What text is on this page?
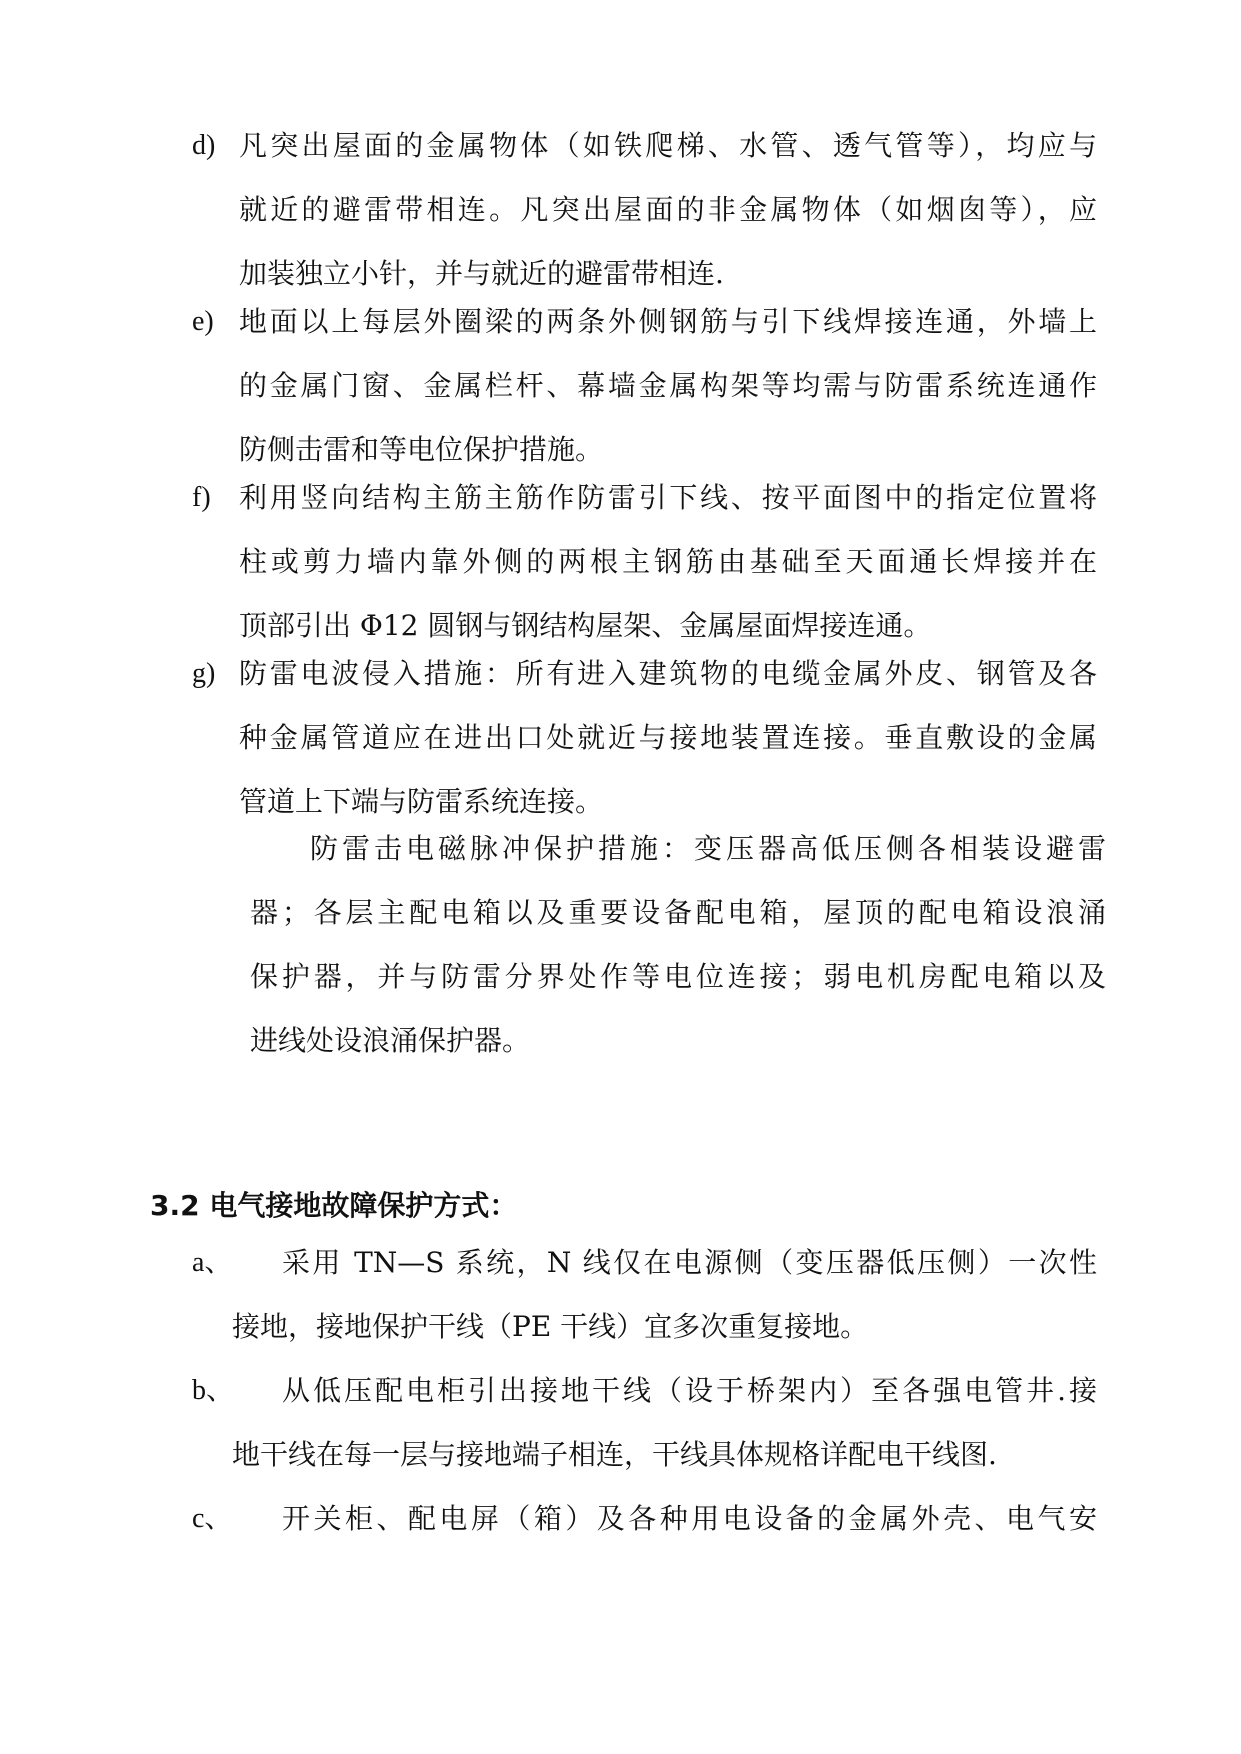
d) 凡突出屋面的金属物体（如铁爬梯、水管、透气管等），均应与
就近的避雷带相连。凡突出屋面的非金属物体（如烟囱等），应
加装独立小针，并与就近的避雷带相连.
e) 地面以上每层外圈梁的两条外侧钢筋与引下线焊接连通，外墙上
的金属门窗、金属栏杆、幕墙金属构架等均需与防雷系统连通作
防侧击雷和等电位保护措施。
f) 利用竖向结构主筋主筋作防雷引下线、按平面图中的指定位置将
柱或剪力墙内靠外侧的两根主钢筋由基础至天面通长焊接并在
顶部引出 Φ12 圆钢与钢结构屋架、金属屋面焊接连通。
g) 防雷电波侵入措施：所有进入建筑物的电缆金属外皮、钢管及各
种金属管道应在进出口处就近与接地装置连接。垂直敷设的金属
管道上下端与防雷系统连接。
防雷击电磁脉冲保护措施：变压器高低压侧各相装设避雷
器；各层主配电箱以及重要设备配电箱，屋顶的配电箱设浪涌
保护器，并与防雷分界处作等电位连接；弱电机房配电箱以及
进线处设浪涌保护器。
3.2 电气接地故障保护方式：
a、 采用 TN—S 系统，N 线仅在电源侧（变压器低压侧）一次性
接地，接地保护干线（PE 干线）宜多次重复接地。
b、 从低压配电柜引出接地干线（设于桥架内）至各强电管井.接
地干线在每一层与接地端子相连，干线具体规格详配电干线图.
c、 开关柜、配电屏（箱）及各种用电设备的金属外壳、电气安
